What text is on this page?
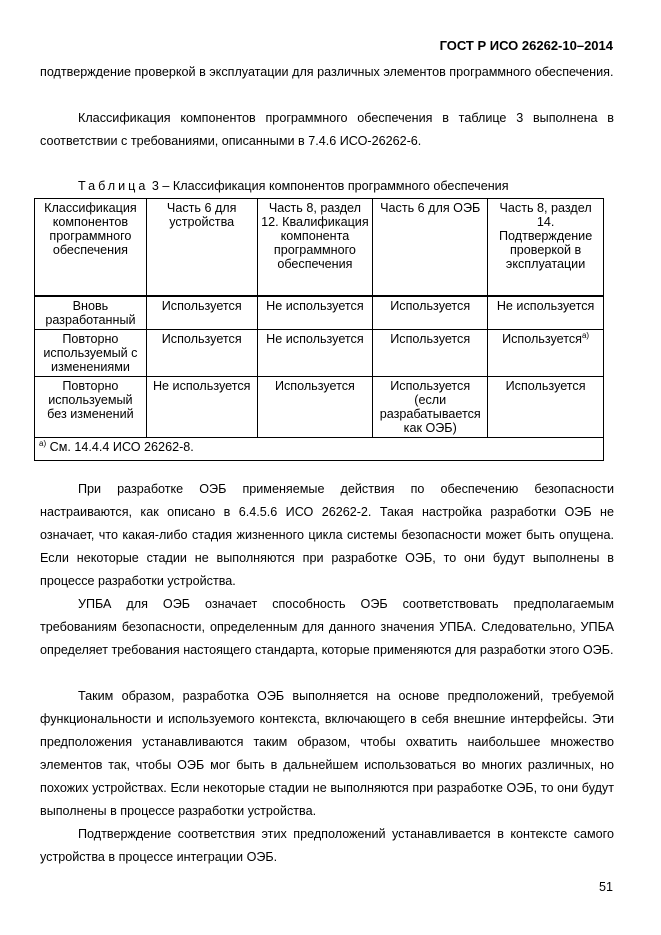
ГОСТ Р ИСО 26262-10–2014

подтверждение проверкой в эксплуатации для различных элементов программного обеспечения.

Классификация компонентов программного обеспечения в таблице 3 выполнена в соответствии с требованиями, описанными в 7.4.6 ИСО-26262-6.

Таблица 3 – Классификация компонентов программного обеспечения
Классификация компонентов программного обеспечения	Часть 6 для устройства	Часть 8, раздел 12. Квалификация компонента программного обеспечения	Часть 6 для ОЭБ	Часть 8, раздел 14. Подтверждение проверкой в эксплуатации
Вновь разработанный	Используется	Не используется	Используется	Не используется
Повторно используемый с изменениями	Используется	Не используется	Используется	Используется$^{a)}$
Повторно используемый без изменений	Не используется	Используется	Используется (если разрабатывается как ОЭБ)	Используется
$^{a)}$ См. 14.4.4 ИСО 26262-8.				

При разработке ОЭБ применяемые действия по обеспечению безопасности настраиваются, как описано в 6.4.5.6 ИСО 26262-2. Такая настройка разработки ОЭБ не означает, что какая-либо стадия жизненного цикла системы безопасности может быть опущена. Если некоторые стадии не выполняются при разработке ОЭБ, то они будут выполнены в процессе разработки устройства.

УПБА для ОЭБ означает способность ОЭБ соответствовать предполагаемым требованиям безопасности, определенным для данного значения УПБА. Следовательно, УПБА определяет требования настоящего стандарта, которые применяются для разработки этого ОЭБ.

Таким образом, разработка ОЭБ выполняется на основе предположений, требуемой функциональности и используемого контекста, включающего в себя внешние интерфейсы. Эти предположения устанавливаются таким образом, чтобы охватить наибольшее множество элементов так, чтобы ОЭБ мог быть в дальнейшем использоваться во многих различных, но похожих устройствах. Если некоторые стадии не выполняются при разработке ОЭБ, то они будут выполнены в процессе разработки устройства.

Подтверждение соответствия этих предположений устанавливается в контексте самого устройства в процессе интеграции ОЭБ.

51
